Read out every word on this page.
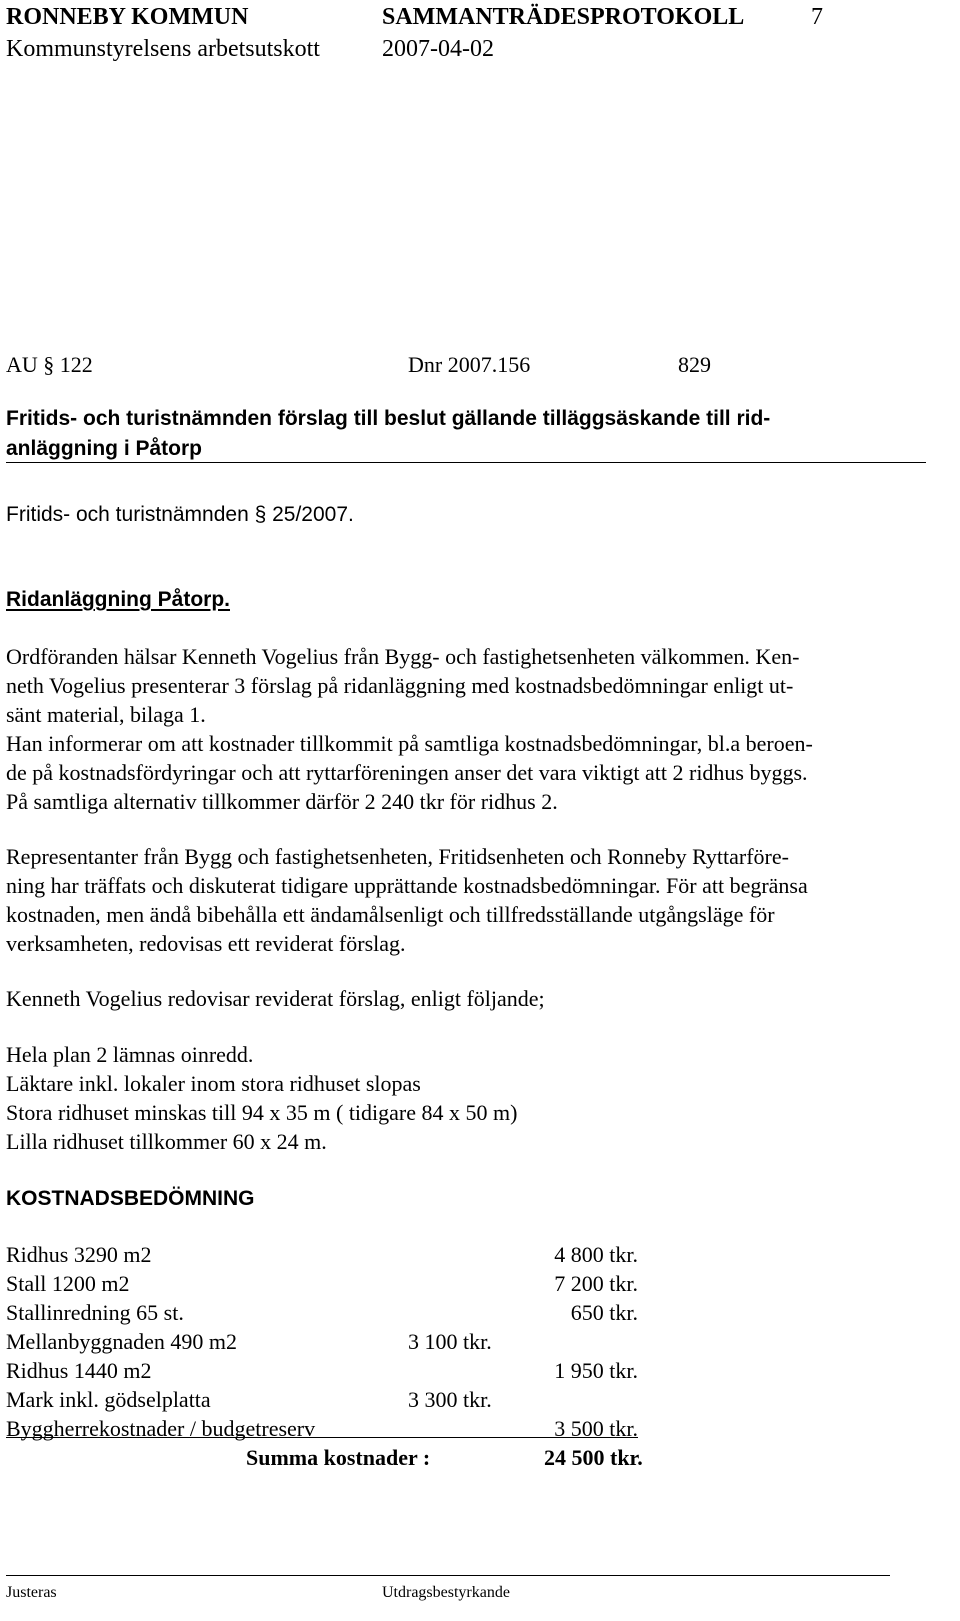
RONNEBY KOMMUN	SAMMANTRÄDESPROTOKOLL	7
Kommunstyrelsens arbetsutskott	2007-04-02
AU § 122	Dnr 2007.156	829
Fritids- och turistnämnden förslag till beslut gällande tilläggsäskande till rid-
anläggning i Påtorp
Fritids- och turistnämnden § 25/2007.
Ridanläggning Påtorp.
Ordföranden hälsar Kenneth Vogelius från Bygg- och fastighetsenheten välkommen. Ken-
neth Vogelius presenterar 3 förslag på ridanläggning med kostnadsbedömningar enligt ut-
sänt material, bilaga 1.
Han informerar om att kostnader tillkommit på samtliga kostnadsbedömningar, bl.a beroen-
de på kostnadsfördyringar och att ryttarföreningen anser det vara viktigt att 2 ridhus byggs.
På samtliga alternativ tillkommer därför 2 240 tkr för ridhus 2.
Representanter från Bygg och fastighetsenheten, Fritidsenheten och Ronneby Ryttarföre-
ning har träffats och diskuterat tidigare upprättande kostnadsbedömningar. För att begränsa
kostnaden, men ändå bibehålla ett ändamålsenligt och tillfredsställande utgångsläge för
verksamheten, redovisas ett reviderat förslag.
Kenneth Vogelius redovisar reviderat förslag, enligt följande;
Hela plan 2 lämnas oinredd.
Läktare inkl. lokaler inom stora ridhuset slopas
Stora ridhuset minskas till 94 x 35 m ( tidigare 84 x 50 m)
Lilla ridhuset tillkommer 60 x 24 m.
KOSTNADSBEDÖMNING
Ridhus 3290 m2	4 800 tkr.
Stall 1200 m2	7 200 tkr.
Stallinredning 65 st.	650 tkr.
Mellanbyggnaden 490 m2	3 100 tkr.
Ridhus 1440 m2	1 950 tkr.
Mark inkl. gödselplatta	3 300 tkr.
Byggherrekostnader / budgetreserv	3 500 tkr.
Summa kostnader :	24 500 tkr.
Justeras	Utdragsbestyrkande
